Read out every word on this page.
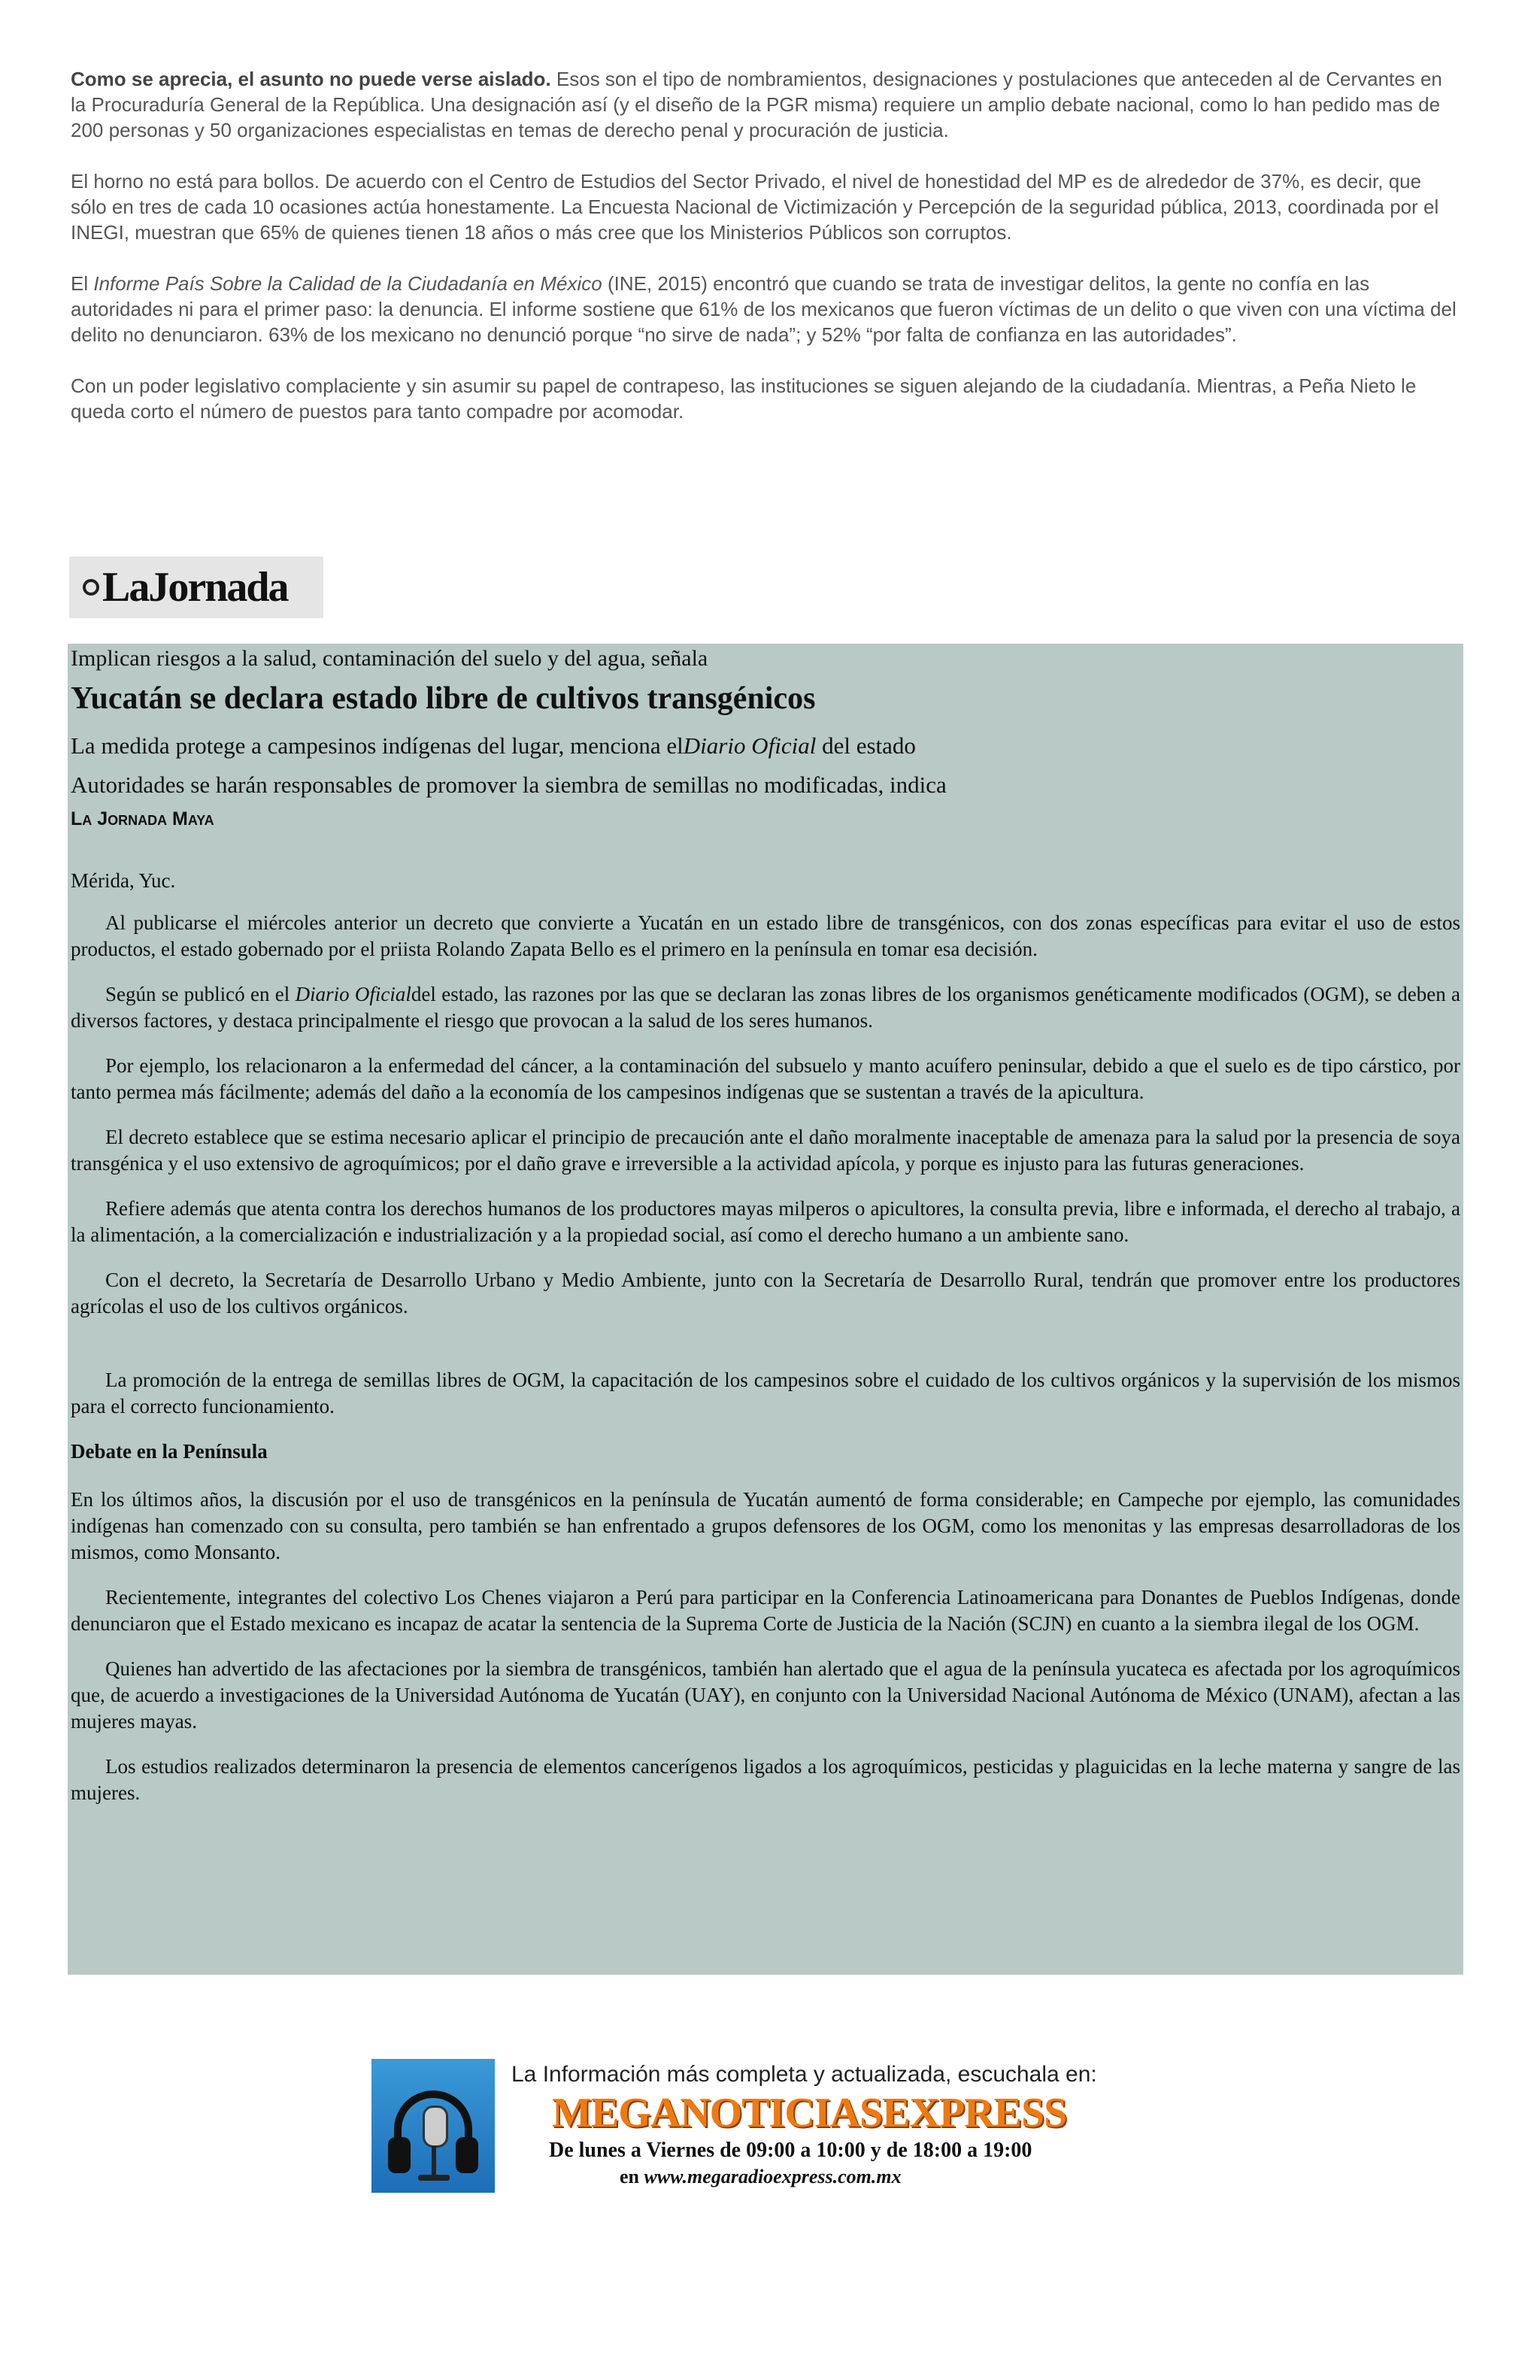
Como se aprecia, el asunto no puede verse aislado. Esos son el tipo de nombramientos, designaciones y postulaciones que anteceden al de Cervantes en la Procuraduría General de la República. Una designación así (y el diseño de la PGR misma) requiere un amplio debate nacional, como lo han pedido mas de 200 personas y 50 organizaciones especialistas en temas de derecho penal y procuración de justicia.

El horno no está para bollos. De acuerdo con el Centro de Estudios del Sector Privado, el nivel de honestidad del MP es de alrededor de 37%, es decir, que sólo en tres de cada 10 ocasiones actúa honestamente. La Encuesta Nacional de Victimización y Percepción de la seguridad pública, 2013, coordinada por el INEGI, muestran que 65% de quienes tienen 18 años o más cree que los Ministerios Públicos son corruptos.

El Informe País Sobre la Calidad de la Ciudadanía en México (INE, 2015) encontró que cuando se trata de investigar delitos, la gente no confía en las autoridades ni para el primer paso: la denuncia. El informe sostiene que 61% de los mexicanos que fueron víctimas de un delito o que viven con una víctima del delito no denunciaron. 63% de los mexicano no denunció porque “no sirve de nada”; y 52% “por falta de confianza en las autoridades”.

Con un poder legislativo complaciente y sin asumir su papel de contrapeso, las instituciones se siguen alejando de la ciudadanía. Mientras, a Peña Nieto le queda corto el número de puestos para tanto compadre por acomodar.

LaJornada
Implican riesgos a la salud, contaminación del suelo y del agua, señala
Yucatán se declara estado libre de cultivos transgénicos

La medida protege a campesinos indígenas del lugar, menciona elDiario Oficial del estado

Autoridades se harán responsables de promover la siembra de semillas no modificadas, indica

La Jornada Maya

Mérida, Yuc.

Al publicarse el miércoles anterior un decreto que convierte a Yucatán en un estado libre de transgénicos, con dos zonas específicas para evitar el uso de estos productos, el estado gobernado por el priista Rolando Zapata Bello es el primero en la península en tomar esa decisión.

Según se publicó en el Diario Oficialdel estado, las razones por las que se declaran las zonas libres de los organismos genéticamente modificados (OGM), se deben a diversos factores, y destaca principalmente el riesgo que provocan a la salud de los seres humanos.

Por ejemplo, los relacionaron a la enfermedad del cáncer, a la contaminación del subsuelo y manto acuífero peninsular, debido a que el suelo es de tipo cárstico, por tanto permea más fácilmente; además del daño a la economía de los campesinos indígenas que se sustentan a través de la apicultura.

El decreto establece que se estima necesario aplicar el principio de precaución ante el daño moralmente inaceptable de amenaza para la salud por la presencia de soya transgénica y el uso extensivo de agroquímicos; por el daño grave e irreversible a la actividad apícola, y porque es injusto para las futuras generaciones.

Refiere además que atenta contra los derechos humanos de los productores mayas milperos o apicultores, la consulta previa, libre e informada, el derecho al trabajo, a la alimentación, a la comercialización e industrialización y a la propiedad social, así como el derecho humano a un ambiente sano.

Con el decreto, la Secretaría de Desarrollo Urbano y Medio Ambiente, junto con la Secretaría de Desarrollo Rural, tendrán que promover entre los productores agrícolas el uso de los cultivos orgánicos.

La promoción de la entrega de semillas libres de OGM, la capacitación de los campesinos sobre el cuidado de los cultivos orgánicos y la supervisión de los mismos para el correcto funcionamiento.

Debate en la Península

En los últimos años, la discusión por el uso de transgénicos en la península de Yucatán aumentó de forma considerable; en Campeche por ejemplo, las comunidades indígenas han comenzado con su consulta, pero también se han enfrentado a grupos defensores de los OGM, como los menonitas y las empresas desarrolladoras de los mismos, como Monsanto.

Recientemente, integrantes del colectivo Los Chenes viajaron a Perú para participar en la Conferencia Latinoamericana para Donantes de Pueblos Indígenas, donde denunciaron que el Estado mexicano es incapaz de acatar la sentencia de la Suprema Corte de Justicia de la Nación (SCJN) en cuanto a la siembra ilegal de los OGM.

Quienes han advertido de las afectaciones por la siembra de transgénicos, también han alertado que el agua de la península yucateca es afectada por los agroquímicos que, de acuerdo a investigaciones de la Universidad Autónoma de Yucatán (UAY), en conjunto con la Universidad Nacional Autónoma de México (UNAM), afectan a las mujeres mayas.

Los estudios realizados determinaron la presencia de elementos cancerígenos ligados a los agroquímicos, pesticidas y plaguicidas en la leche materna y sangre de las mujeres.

La Información más completa y actualizada, escuchala en:
MEGANOTICIASEXPRESS
De lunes a Viernes de 09:00 a 10:00 y de 18:00 a 19:00
en www.megaradioexpress.com.mx
